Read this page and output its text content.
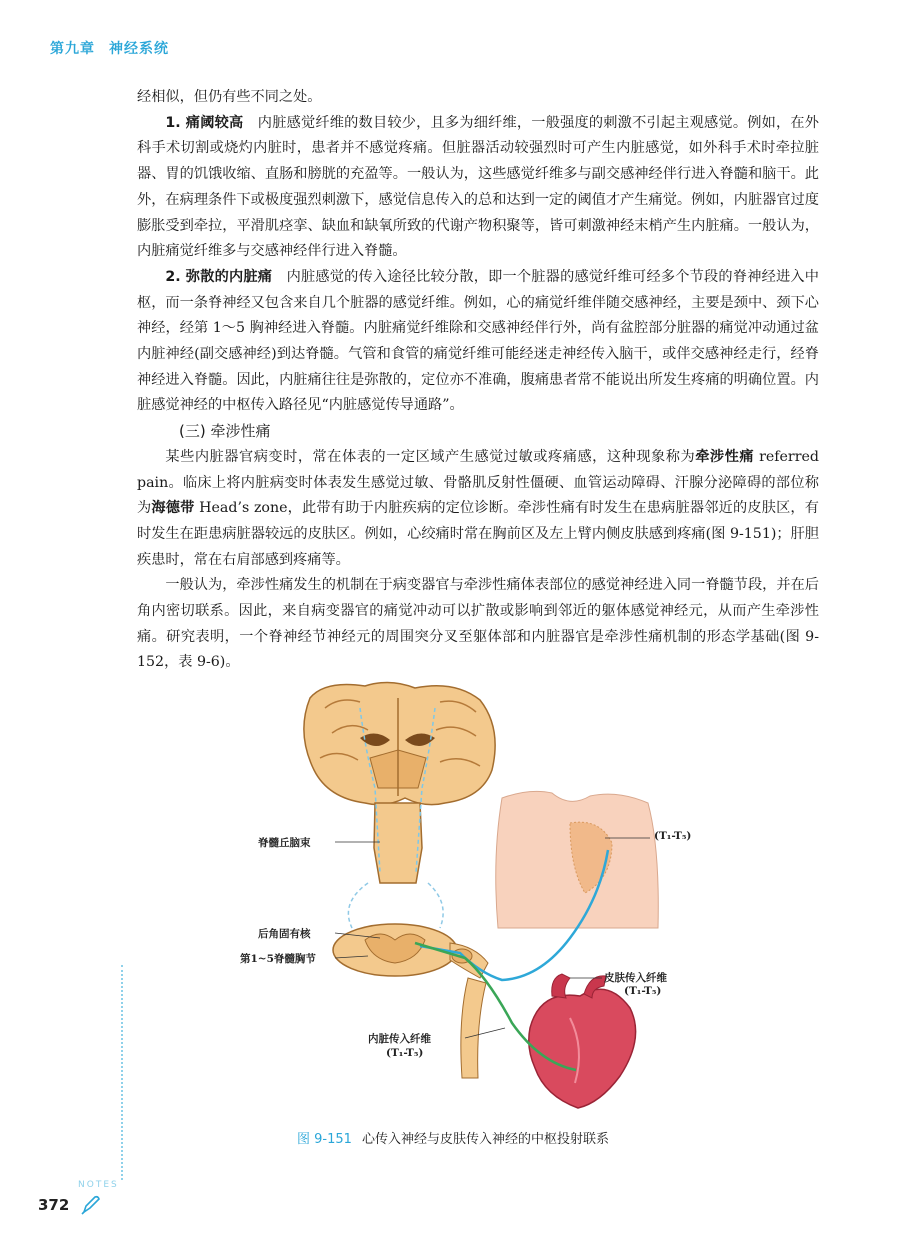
第九章 神经系统

经相似，但仍有些不同之处。

1. 痛阈较高　 内脏感觉纤维的数目较少，且多为细纤维，一般强度的刺激不引起主观感觉。例如，在外科手术切割或烧灼内脏时，患者并不感觉疼痛。但脏器活动较强烈时可产生内脏感觉，如外科手术时牵拉脏器、胃的饥饿收缩、直肠和膀胱的充盈等。一般认为，这些感觉纤维多与副交感神经伴行进入脊髓和脑干。此外，在病理条件下或极度强烈刺激下，感觉信息传入的总和达到一定的阈值才产生痛觉。例如，内脏器官过度膨胀受到牵拉，平滑肌痉挛、缺血和缺氧所致的代谢产物积聚等，皆可刺激神经末梢产生内脏痛。一般认为，内脏痛觉纤维多与交感神经伴行进入脊髓。

2. 弥散的内脏痛　 内脏感觉的传入途径比较分散，即一个脏器的感觉纤维可经多个节段的脊神经进入中枢，而一条脊神经又包含来自几个脏器的感觉纤维。例如，心的痛觉纤维伴随交感神经，主要是颈中、颈下心神经，经第 1～5 胸神经进入脊髓。内脏痛觉纤维除和交感神经伴行外，尚有盆腔部分脏器的痛觉冲动通过盆内脏神经(副交感神经)到达脊髓。气管和食管的痛觉纤维可能经迷走神经传入脑干，或伴交感神经走行，经脊神经进入脊髓。因此，内脏痛往往是弥散的，定位亦不准确，腹痛患者常不能说出所发生疼痛的明确位置。内脏感觉神经的中枢传入路径见“内脏感觉传导通路”。

(三) 牵涉性痛

某些内脏器官病变时，常在体表的一定区域产生感觉过敏或疼痛感，这种现象称为牵涉性痛 referred pain。临床上将内脏病变时体表发生感觉过敏、骨骼肌反射性僵硬、血管运动障碍、汗腺分泌障碍的部位称为海德带 Head’s zone，此带有助于内脏疾病的定位诊断。牵涉性痛有时发生在患病脏器邻近的皮肤区，有时发生在距患病脏器较远的皮肤区。例如，心绞痛时常在胸前区及左上臂内侧皮肤感到疼痛(图 9-151)；肝胆疾患时，常在右肩部感到疼痛等。

一般认为，牵涉性痛发生的机制在于病变器官与牵涉性痛体表部位的感觉神经进入同一脊髓节段，并在后角内密切联系。因此，来自病变器官的痛觉冲动可以扩散或影响到邻近的躯体感觉神经元，从而产生牵涉性痛。研究表明，一个脊神经节神经元的周围突分叉至躯体部和内脏器官是牵涉性痛机制的形态学基础(图 9-152，表 9-6)。

脊髓丘脑束
后角固有核
第1~5脊髓胸节
皮肤传入纤维
(T₁-T₅)
内脏传入纤维
(T₁-T₅)
(T₁-T₅)
图 9-151 心传入神经与皮肤传入神经的中枢投射联系
NOTES
372
